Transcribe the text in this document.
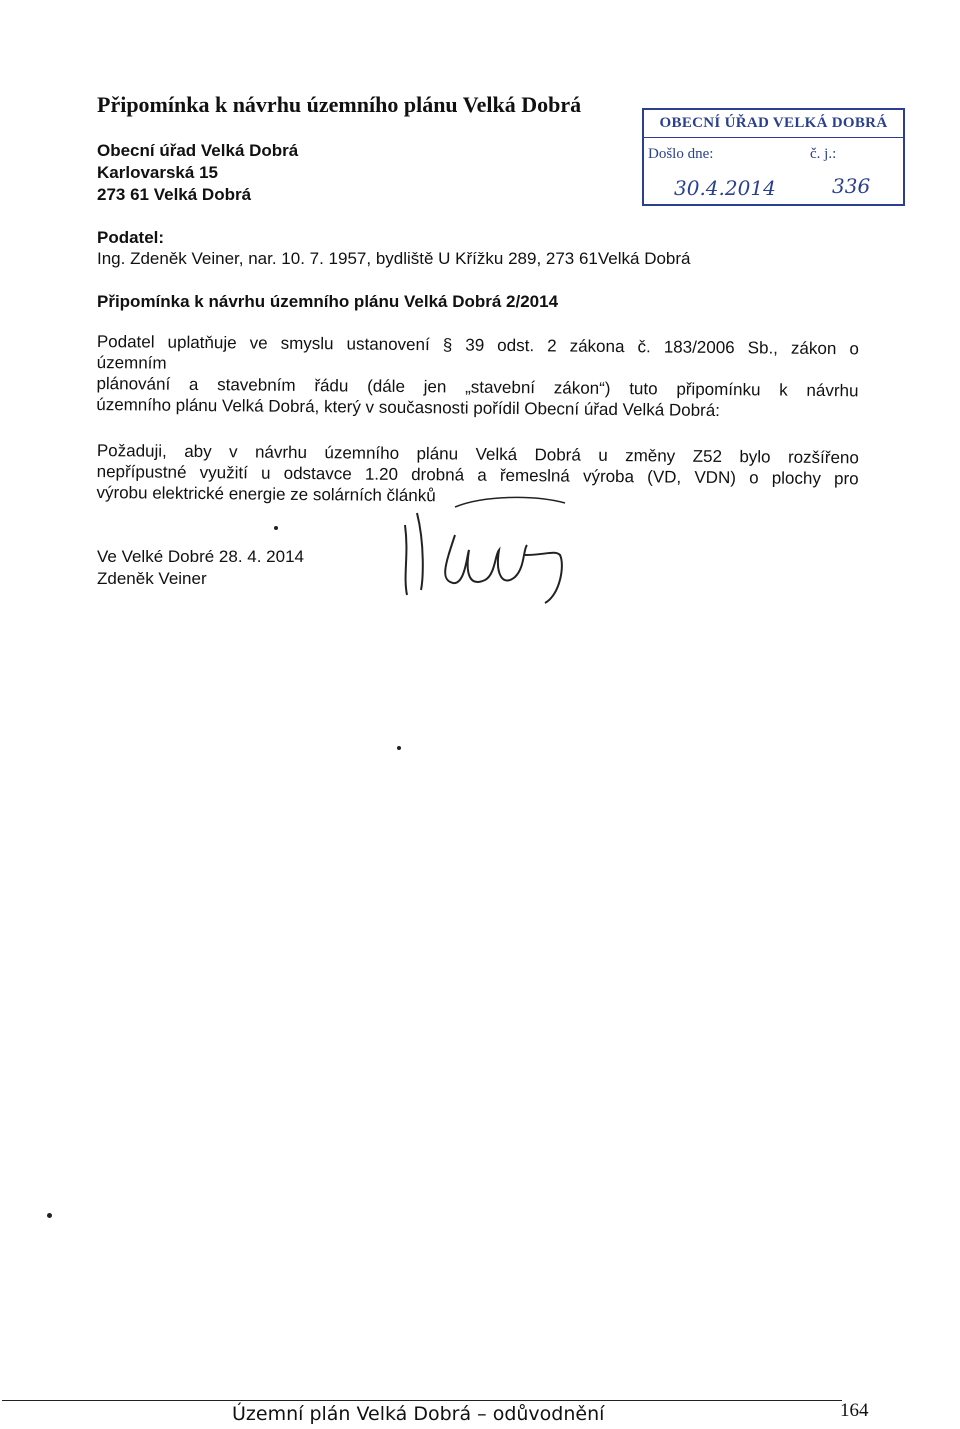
Připomínka k návrhu územního plánu Velká Dobrá
Obecní úřad Velká Dobrá
Karlovarská 15
273 61 Velká Dobrá
OBECNÍ ÚŘAD VELKÁ DOBRÁ
Došlo dne:	č. j.:
30.4.2014	336
Podatel:
Ing. Zdeněk Veiner, nar. 10. 7. 1957, bydliště U Křížku 289, 273 61Velká Dobrá
Připomínka k návrhu územního plánu Velká Dobrá 2/2014
Podatel uplatňuje ve smyslu ustanovení § 39 odst. 2 zákona č. 183/2006 Sb., zákon o
územním
plánování a stavebním řádu (dále jen „stavební zákon“) tuto připomínku k návrhu
územního plánu Velká Dobrá, který v současnosti pořídil Obecní úřad Velká Dobrá:
Požaduji, aby v návrhu územního plánu Velká Dobrá u změny Z52 bylo rozšířeno
nepřípustné využití u odstavce 1.20 drobná a řemeslná výroba (VD, VDN) o plochy pro
výrobu elektrické energie ze solárních článků
Ve Velké Dobré 28. 4. 2014
Zdeněk Veiner
Územní plán Velká Dobrá – odůvodnění	164
